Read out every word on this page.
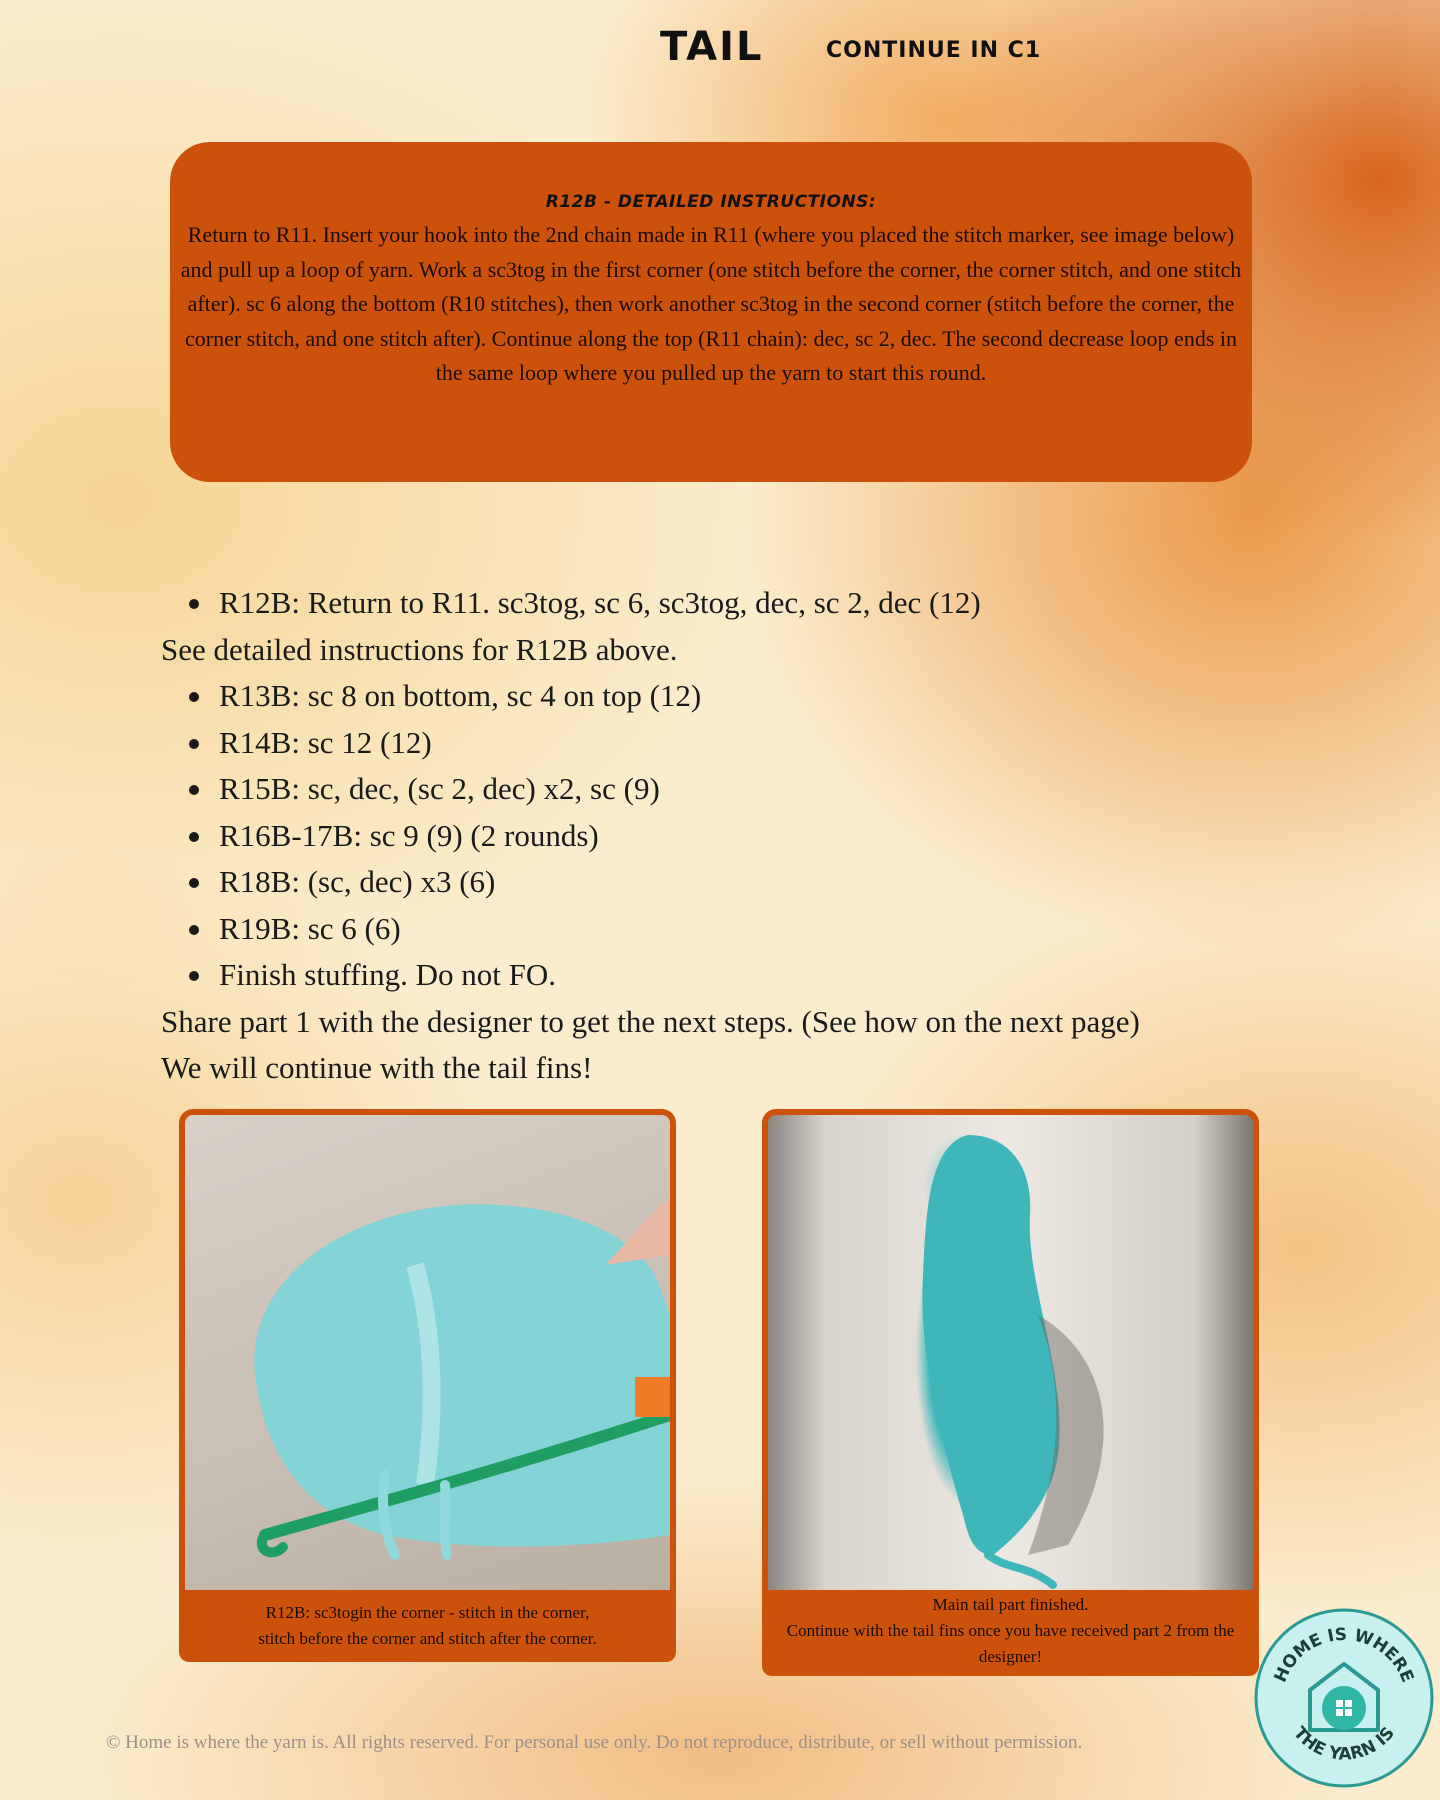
TAIL	CONTINUE IN C1
R12B - DETAILED INSTRUCTIONS:
Return to R11. Insert your hook into the 2nd chain made in R11 (where you placed the stitch marker, see image below) and pull up a loop of yarn. Work a sc3tog in the first corner (one stitch before the corner, the corner stitch, and one stitch after). sc 6 along the bottom (R10 stitches), then work another sc3tog in the second corner (stitch before the corner, the corner stitch, and one stitch after). Continue along the top (R11 chain): dec, sc 2, dec. The second decrease loop ends in the same loop where you pulled up the yarn to start this round.
R12B: Return to R11. sc3tog, sc 6, sc3tog, dec, sc 2, dec (12)

See detailed instructions for R12B above.

R13B: sc 8 on bottom, sc 4 on top (12)
R14B: sc 12 (12)
R15B: sc, dec, (sc 2, dec) x2, sc (9)
R16B-17B: sc 9 (9) (2 rounds)
R18B: (sc, dec) x3 (6)
R19B: sc 6 (6)
Finish stuffing. Do not FO.

Share part 1 with the designer to get the next steps. (See how on the next page) We will continue with the tail fins!

R12B: sc3togin the corner - stitch in the corner,
stitch before the corner and stitch after the corner.
Main tail part finished.
Continue with the tail fins once you have received part 2 from the designer!
© Home is where the yarn is. All rights reserved. For personal use only. Do not reproduce, distribute, or sell without permission.
HOME IS WHERE
THE YARN IS
